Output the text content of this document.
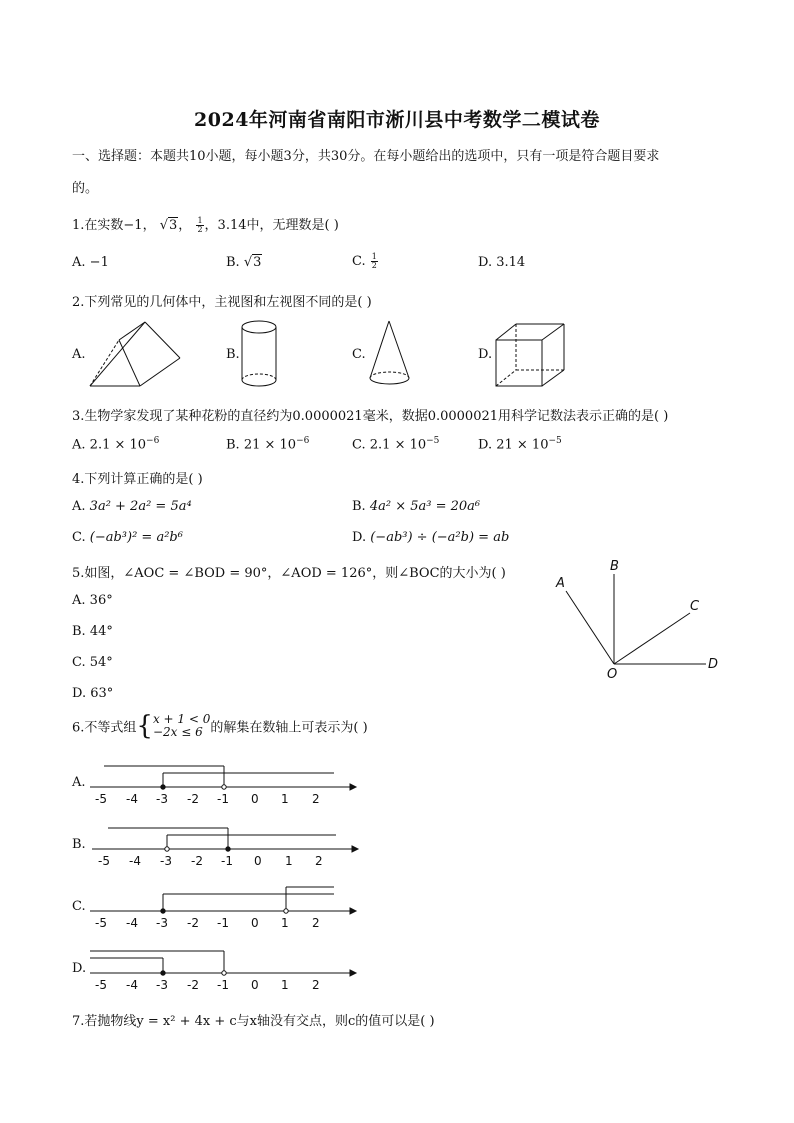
2024年河南省南阳市淅川县中考数学二模试卷
一、选择题：本题共10小题，每小题3分，共30分。在每小题给出的选项中，只有一项是符合题目要求
的。
1.在实数−1， √3， $\frac{1}{2}$ ，3.14中，无理数是( )
A. −1	B. √3	C. $\frac{1}{2}$	D. 3.14
2.下列常见的几何体中，主视图和左视图不同的是( )
A.	B.	C.	D.
3.生物学家发现了某种花粉的直径约为0.0000021毫米，数据0.0000021用科学记数法表示正确的是( )
A. $2.1 \times 10^{-6}$	B. $21 \times 10^{-6}$	C. $2.1 \times 10^{-5}$	D. $21 \times 10^{-5}$
4.下列计算正确的是( )
A. 3a² + 2a² = 5a⁴	B. 4a² × 5a³ = 20a⁶
C. (−ab³)² = a²b⁶	D. (−ab³) ÷ (−a²b) = ab
5.如图，∠AOC = ∠BOD = 90°，∠AOD = 126°，则∠BOC的大小为( )
A. 36°
B. 44°
C. 54°
D. 63°
A
B
C
D
O
6.不等式组{ x + 1 < 0
−2x ≤ 6 的解集在数轴上可表示为( )
A.
B.
C.
D.
-5 -4 -3 -2 -1 0 1 2
-5 -4 -3 -2 -1 0 1 2
-5 -4 -3 -2 -1 0 1 2
-5 -4 -3 -2 -1 0 1 2
7.若抛物线y = x² + 4x + c与x轴没有交点，则c的值可以是( )
